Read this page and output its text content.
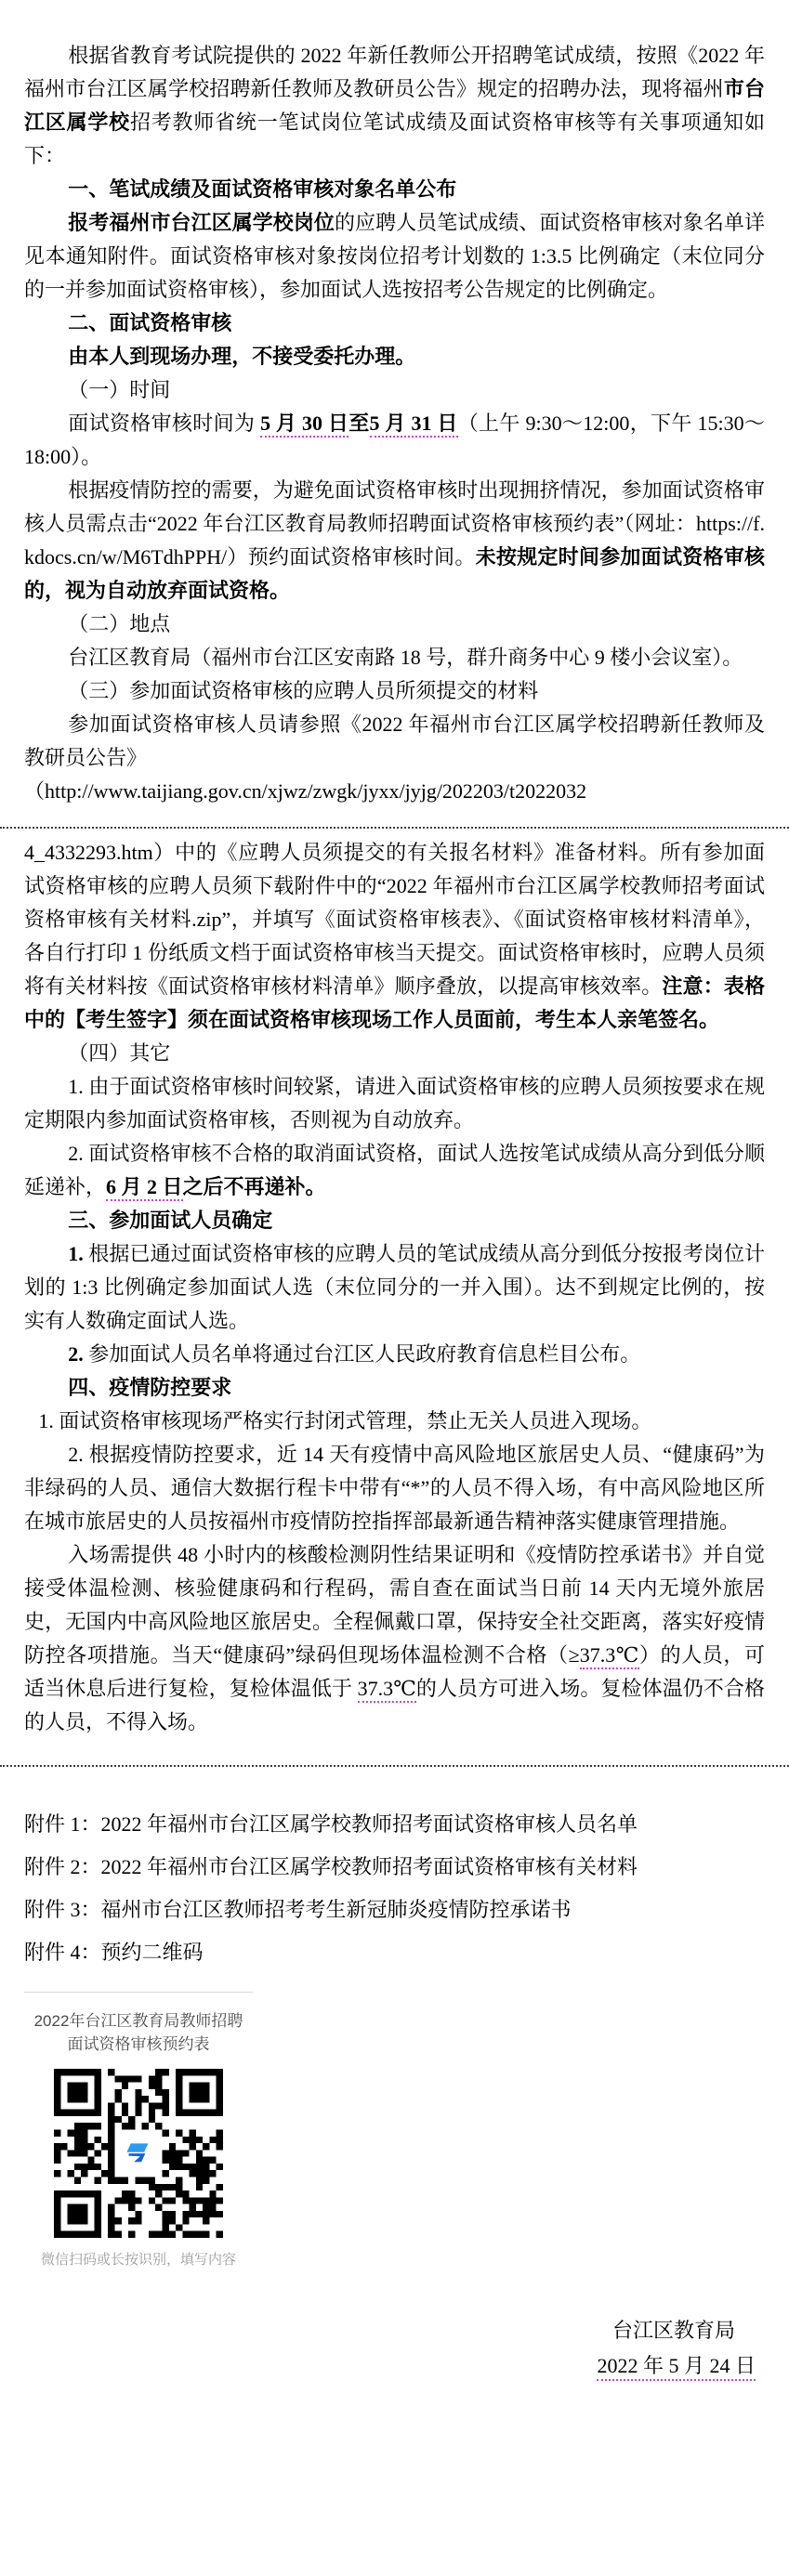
根据省教育考试院提供的 2022 年新任教师公开招聘笔试成绩，按照《2022 年福州市台江区属学校招聘新任教师及教研员公告》规定的招聘办法，现将福州市台江区属学校招考教师省统一笔试岗位笔试成绩及面试资格审核等有关事项通知如下：

一、笔试成绩及面试资格审核对象名单公布

报考福州市台江区属学校岗位的应聘人员笔试成绩、面试资格审核对象名单详见本通知附件。面试资格审核对象按岗位招考计划数的 1:3.5 比例确定（末位同分的一并参加面试资格审核），参加面试人选按招考公告规定的比例确定。

二、面试资格审核

由本人到现场办理，不接受委托办理。

（一）时间

面试资格审核时间为 5 月 30 日至5 月 31 日（上午 9:30～12:00，下午 15:30～18:00）。

根据疫情防控的需要，为避免面试资格审核时出现拥挤情况，参加面试资格审核人员需点击“2022 年台江区教育局教师招聘面试资格审核预约表”（网址：https://f.kdocs.cn/w/M6TdhPPH/）预约面试资格审核时间。未按规定时间参加面试资格审核的，视为自动放弃面试资格。

（二）地点

台江区教育局（福州市台江区安南路 18 号，群升商务中心 9 楼小会议室）。

（三）参加面试资格审核的应聘人员所须提交的材料

参加面试资格审核人员请参照《2022 年福州市台江区属学校招聘新任教师及教研员公告》

（http://www.taijiang.gov.cn/xjwz/zwgk/jyxx/jyjg/202203/t2022032

4_4332293.htm）中的《应聘人员须提交的有关报名材料》准备材料。所有参加面试资格审核的应聘人员须下载附件中的“2022 年福州市台江区属学校教师招考面试资格审核有关材料.zip”，并填写《面试资格审核表》、《面试资格审核材料清单》，各自行打印 1 份纸质文档于面试资格审核当天提交。面试资格审核时，应聘人员须将有关材料按《面试资格审核材料清单》顺序叠放，以提高审核效率。注意：表格中的【考生签字】须在面试资格审核现场工作人员面前，考生本人亲笔签名。

（四）其它

1. 由于面试资格审核时间较紧，请进入面试资格审核的应聘人员须按要求在规定期限内参加面试资格审核，否则视为自动放弃。

2. 面试资格审核不合格的取消面试资格，面试人选按笔试成绩从高分到低分顺延递补，6 月 2 日之后不再递补。

三、参加面试人员确定

1. 根据已通过面试资格审核的应聘人员的笔试成绩从高分到低分按报考岗位计划的 1:3 比例确定参加面试人选（末位同分的一并入围）。达不到规定比例的，按实有人数确定面试人选。

2. 参加面试人员名单将通过台江区人民政府教育信息栏目公布。

四、疫情防控要求

1. 面试资格审核现场严格实行封闭式管理，禁止无关人员进入现场。

2. 根据疫情防控要求，近 14 天有疫情中高风险地区旅居史人员、“健康码”为非绿码的人员、通信大数据行程卡中带有“*”的人员不得入场，有中高风险地区所在城市旅居史的人员按福州市疫情防控指挥部最新通告精神落实健康管理措施。

入场需提供 48 小时内的核酸检测阴性结果证明和《疫情防控承诺书》并自觉接受体温检测、核验健康码和行程码，需自查在面试当日前 14 天内无境外旅居史，无国内中高风险地区旅居史。全程佩戴口罩，保持安全社交距离，落实好疫情防控各项措施。当天“健康码”绿码但现场体温检测不合格（≥37.3℃）的人员，可适当休息后进行复检，复检体温低于 37.3℃的人员方可进入场。复检体温仍不合格的人员，不得入场。

附件 1：2022 年福州市台江区属学校教师招考面试资格审核人员名单

附件 2：2022 年福州市台江区属学校教师招考面试资格审核有关材料

附件 3：福州市台江区教师招考考生新冠肺炎疫情防控承诺书

附件 4：预约二维码

2022年台江区教育局教师招聘
面试资格审核预约表
微信扫码或长按识别，填写内容
台江区教育局
2022 年 5 月 24 日
